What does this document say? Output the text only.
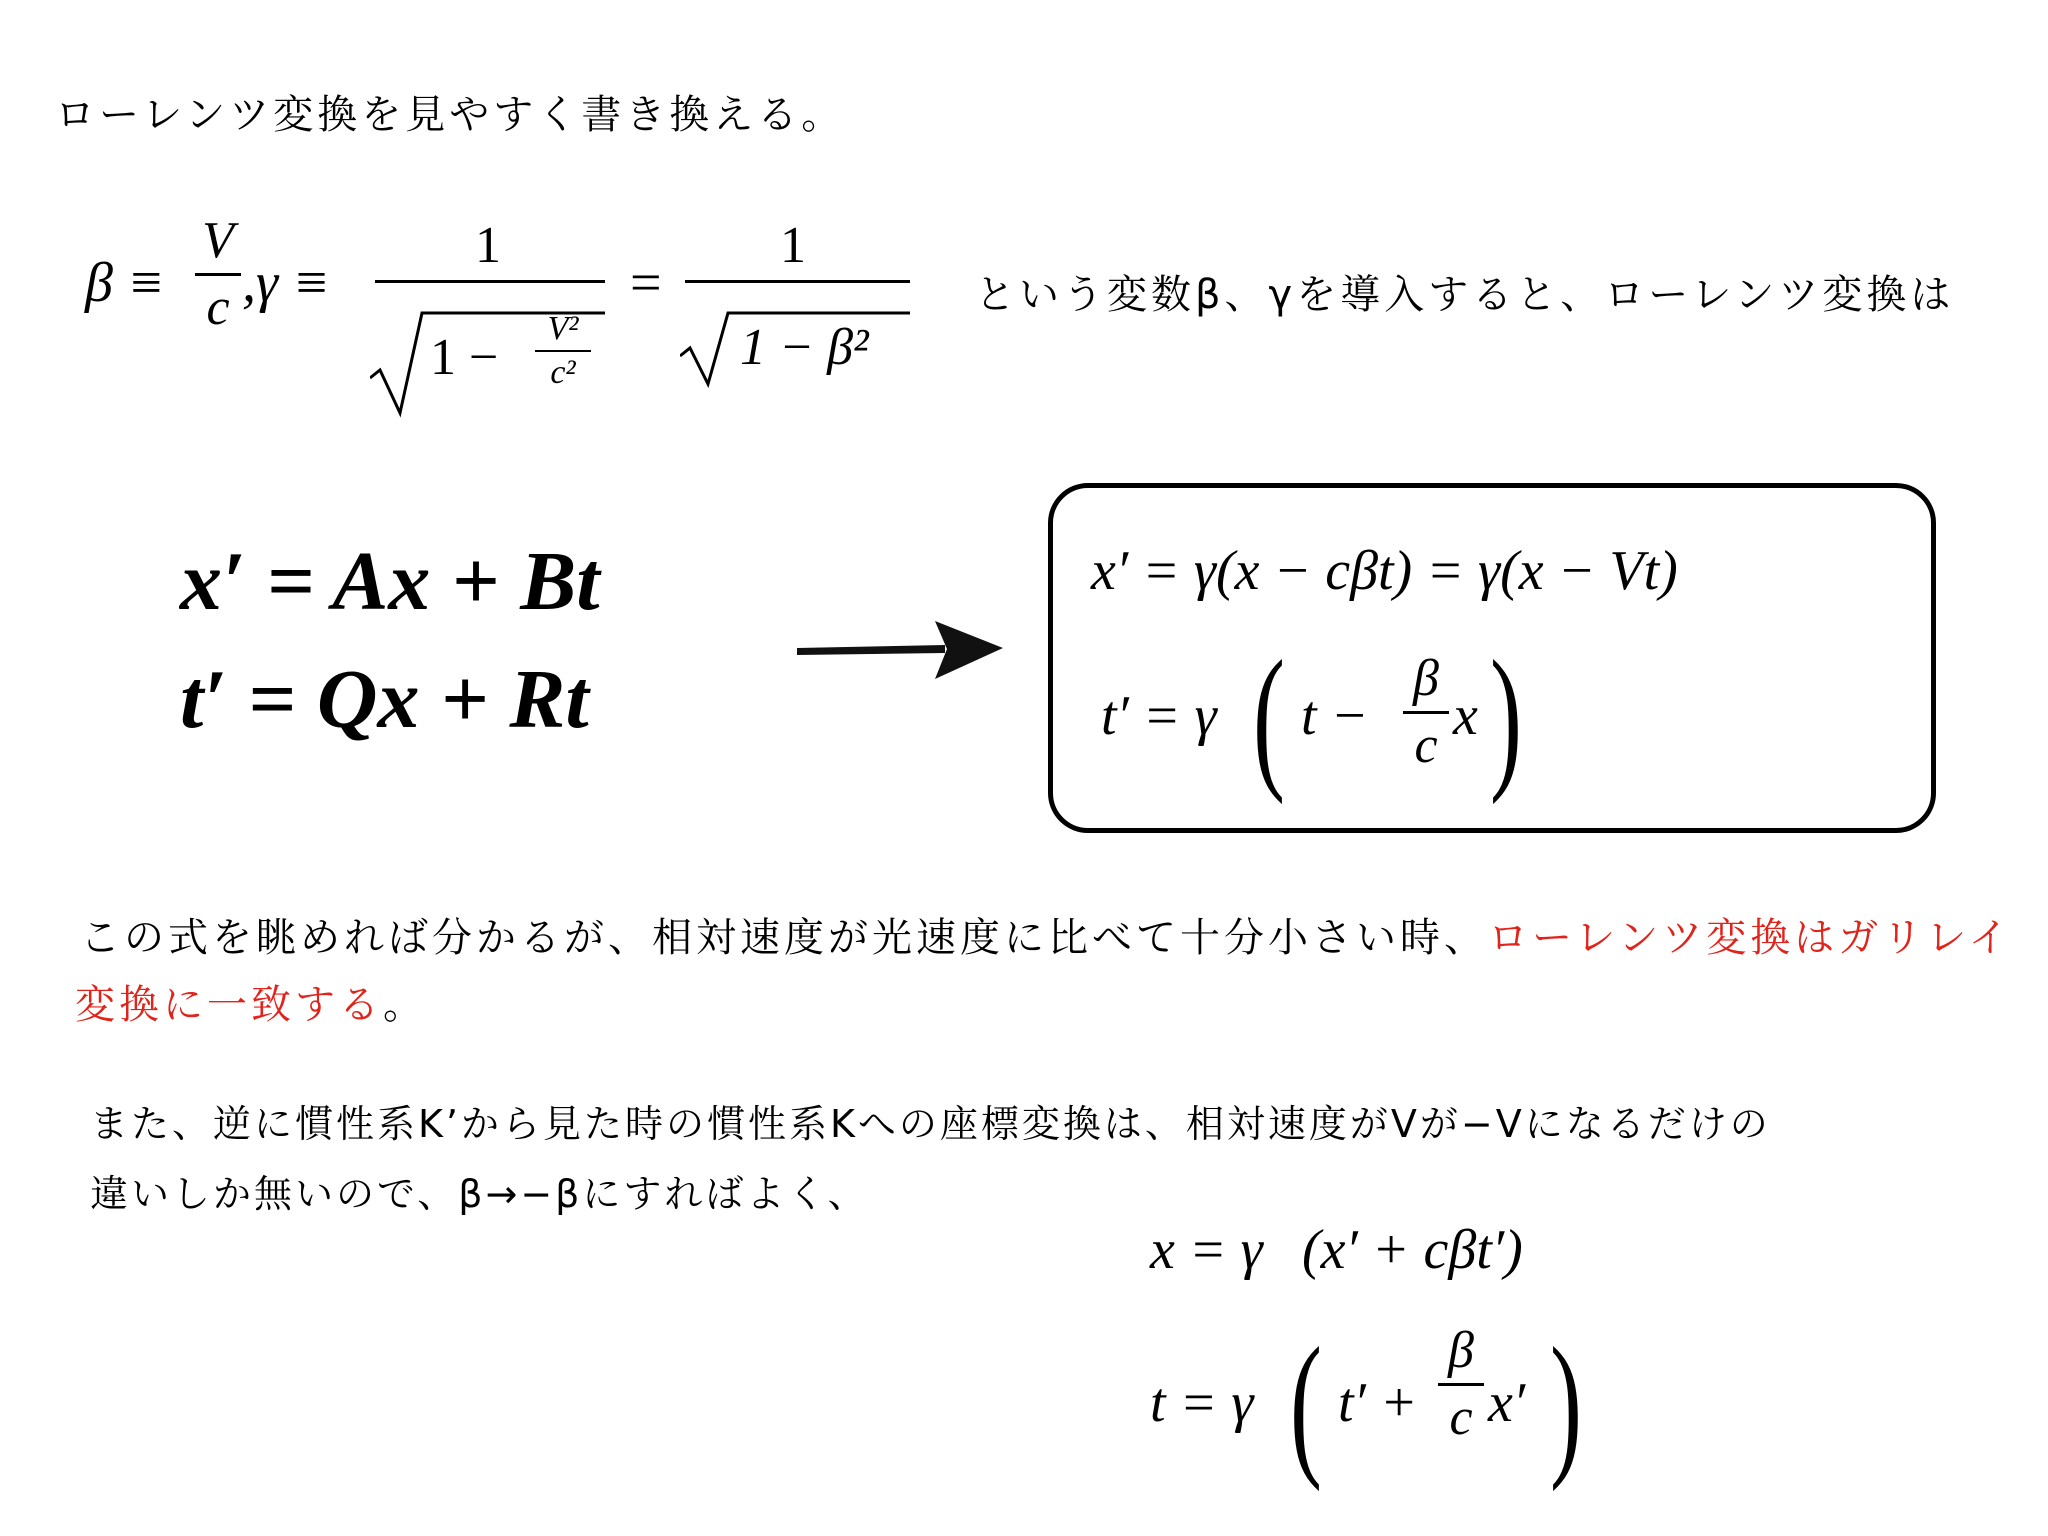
ローレンツ変換を見やすく書き換える。
β ≡
V
c ,γ ≡
1
1 −
V²
c²
=
1
1 − β²
という変数β、γを導入すると、ローレンツ変換は
x′ = Ax + Bt
t′ = Qx + Rt
x′ = γ(x − cβt) = γ(x − Vt)
t′ = γ ( t −
β
c x )
この式を眺めれば分かるが、相対速度が光速度に比べて十分小さい時、ローレンツ変換はガリレイ
変換に一致する。
また、逆に慣性系K’から見た時の慣性系Kへの座標変換は、相対速度がVが−Vになるだけの
違いしか無いので、β→−βにすればよく、
x = γ (x′ + cβt′)
t = γ ( t′ +
β
c x′ )
